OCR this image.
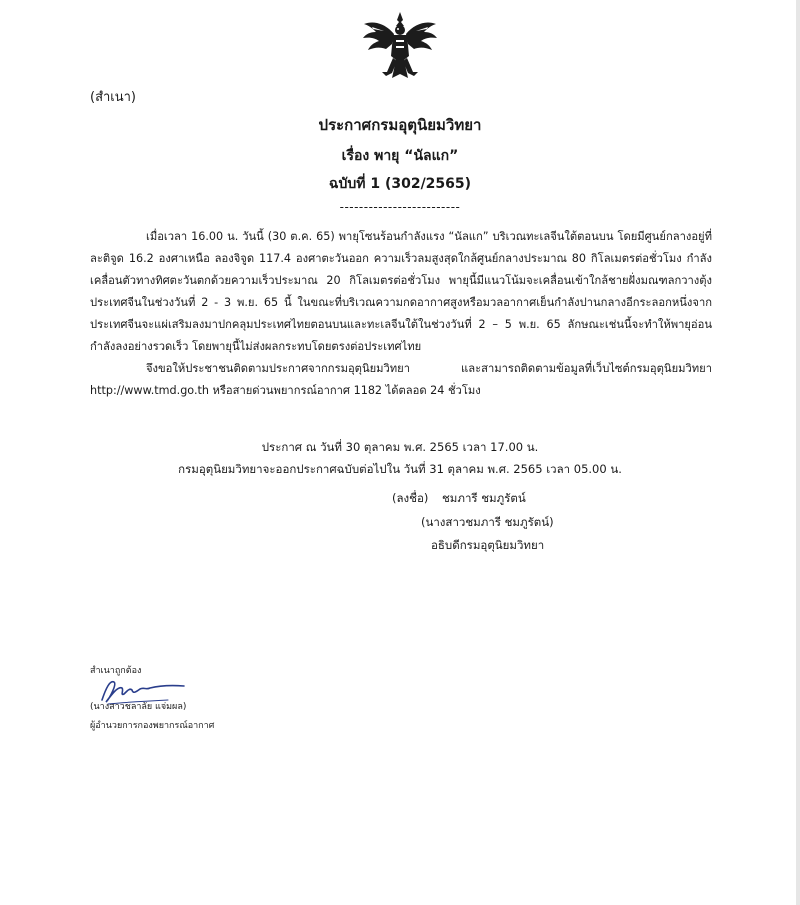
(สำเนา)
ประกาศกรมอุตุนิยมวิทยา
เรื่อง พายุ “นัลแก”
ฉบับที่ 1 (302/2565)
-------------------------

เมื่อเวลา 16.00 น. วันนี้ (30 ต.ค. 65) พายุโซนร้อนกำลังแรง “นัลแก” บริเวณทะเลจีนใต้ตอนบน โดยมีศูนย์กลางอยู่ที่ละติจูด 16.2 องศาเหนือ ลองจิจูด 117.4 องศาตะวันออก ความเร็วลมสูงสุดใกล้ศูนย์กลางประมาณ 80 กิโลเมตรต่อชั่วโมง กำลังเคลื่อนตัวทางทิศตะวันตกด้วยความเร็วประมาณ 20 กิโลเมตรต่อชั่วโมง พายุนี้มีแนวโน้มจะเคลื่อนเข้าใกล้ชายฝั่งมณฑลกวางตุ้ง ประเทศจีนในช่วงวันที่ 2 - 3 พ.ย. 65 นี้ ในขณะที่บริเวณความกดอากาศสูงหรือมวลอากาศเย็นกำลังปานกลางอีกระลอกหนึ่งจากประเทศจีนจะแผ่เสริมลงมาปกคลุมประเทศไทยตอนบนและทะเลจีนใต้ในช่วงวันที่ 2 – 5 พ.ย. 65 ลักษณะเช่นนี้จะทำให้พายุอ่อนกำลังลงอย่างรวดเร็ว โดยพายุนี้ไม่ส่งผลกระทบโดยตรงต่อประเทศไทย

จึงขอให้ประชาชนติดตามประกาศจากกรมอุตุนิยมวิทยา และสามารถติดตามข้อมูลที่เว็บไซต์กรมอุตุนิยมวิทยา http://www.tmd.go.th หรือสายด่วนพยากรณ์อากาศ 1182 ได้ตลอด 24 ชั่วโมง

ประกาศ ณ วันที่ 30 ตุลาคม พ.ศ. 2565 เวลา 17.00 น.
กรมอุตุนิยมวิทยาจะออกประกาศฉบับต่อไปใน วันที่ 31 ตุลาคม พ.ศ. 2565 เวลา 05.00 น.
(ลงชื่อ) ชมภารี ชมภูรัตน์
(นางสาวชมภารี ชมภูรัตน์)
อธิบดีกรมอุตุนิยมวิทยา
สำเนาถูกต้อง
(นางสาวชลาลัย แจ่มผล)
ผู้อำนวยการกองพยากรณ์อากาศ
